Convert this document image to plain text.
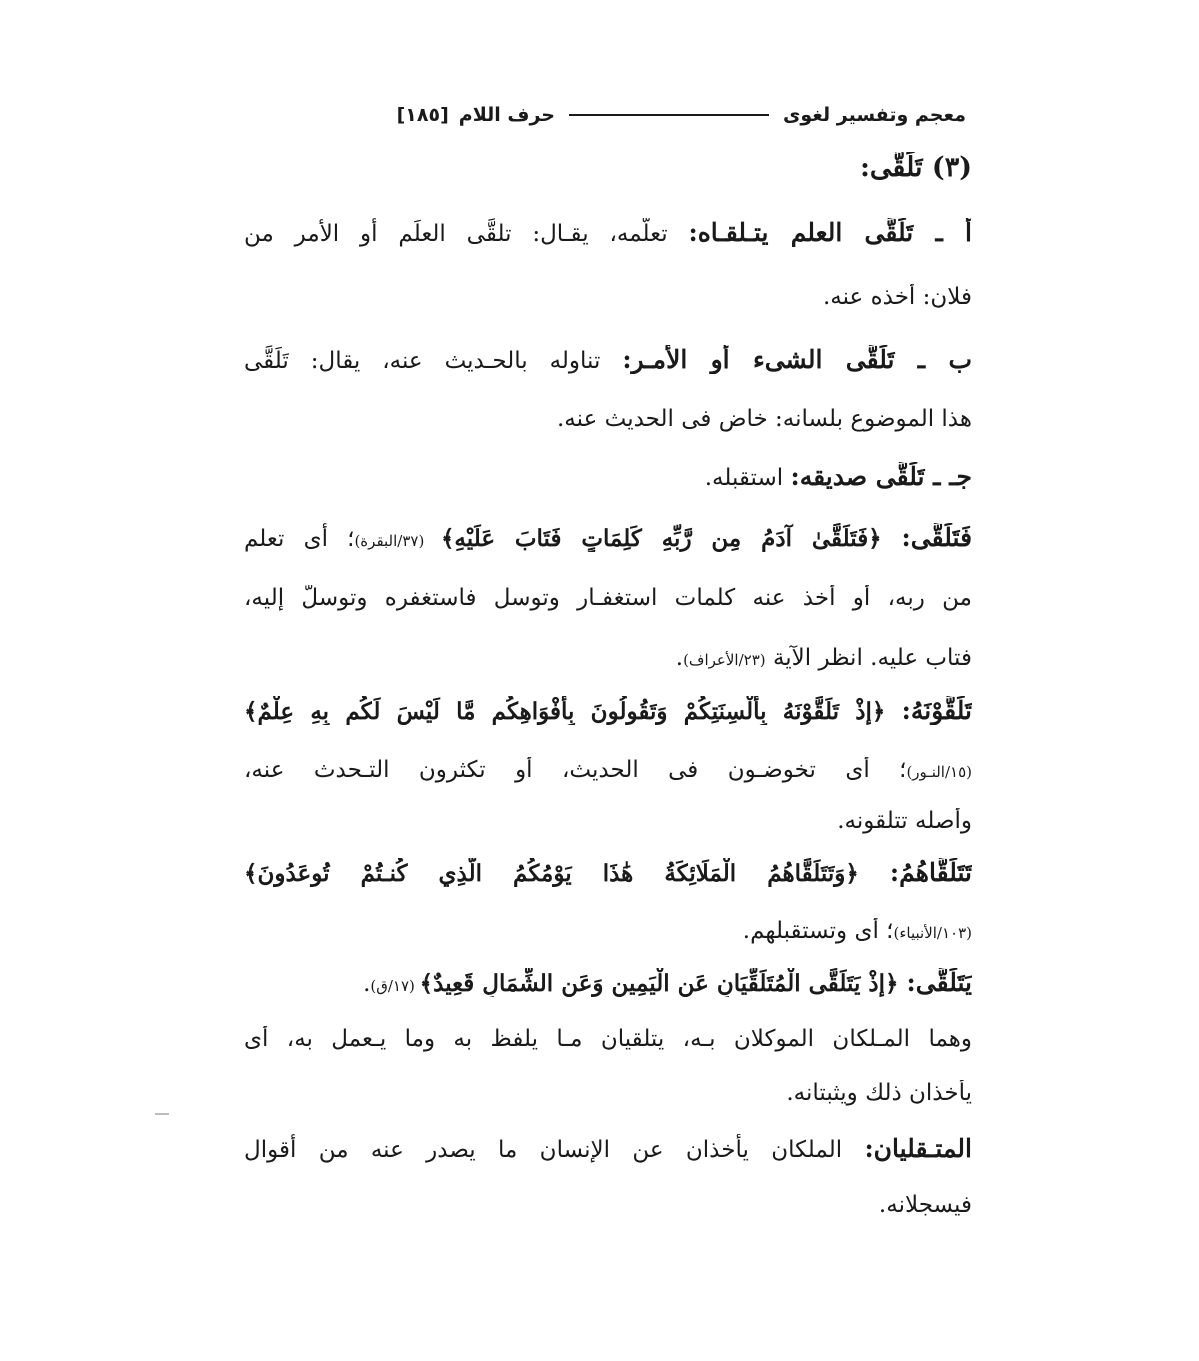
معجم وتفسير لغوى
حرف اللام
[١٨٥]
(٣) تَلَقَّى:
أ ـ تَلَقَّى العلم يتـلقـاه: تعلّمه، يقـال: تلقَّى العلَم أو الأمر من
فلان: أخذه عنه.
ب ـ تَلَقَّى الشىء أو الأمـر: تناوله بالحـديث عنه، يقال: تَلَقَّى
هذا الموضوع بلسانه: خاض فى الحديث عنه.
جـ ـ تَلَقَّى صديقه: استقبله.
فَتَلَقَّى: ﴿فَتَلَقَّىٰ آدَمُ مِن رَّبِّهِ كَلِمَاتٍ فَتَابَ عَلَيْهِ﴾ (٣٧/البقرة)؛ أى تعلم
من ربه، أو أخذ عنه كلمات استغفـار وتوسل فاستغفره وتوسلّ إليه،
فتاب عليه. انظر الآية (٢٣/الأعراف).
تَلَقَّوْنَهُ: ﴿إِذْ تَلَقَّوْنَهُ بِأَلْسِنَتِكُمْ وَتَقُولُونَ بِأَفْوَاهِكُم مَّا لَيْسَ لَكُم بِهِ عِلْمٌ﴾
(١٥/النـور)؛ أى تخوضـون فى الحديث، أو تكثرون التـحدث عنه،
وأصله تتلقونه.
تَتَلَقَّاهُمُ: ﴿وَتَتَلَقَّاهُمُ الْمَلَائِكَةُ هَٰذَا يَوْمُكُمُ الَّذِي كُنـتُمْ تُوعَدُونَ﴾
(١٠٣/الأنبياء)؛ أى وتستقبلهم.
يَتَلَقَّى: ﴿إِذْ يَتَلَقَّى الْمُتَلَقِّيَانِ عَنِ الْيَمِينِ وَعَنِ الشِّمَالِ قَعِيدٌ﴾ (١٧/ق).
وهما المـلكان الموكلان بـه، يتلقيان مـا يلفظ به وما يـعمل به، أى
يأخذان ذلك ويثبتانه.
المتـقليان: الملكان يأخذان عن الإنسان ما يصدر عنه من أقوال
فيسجلانه.
